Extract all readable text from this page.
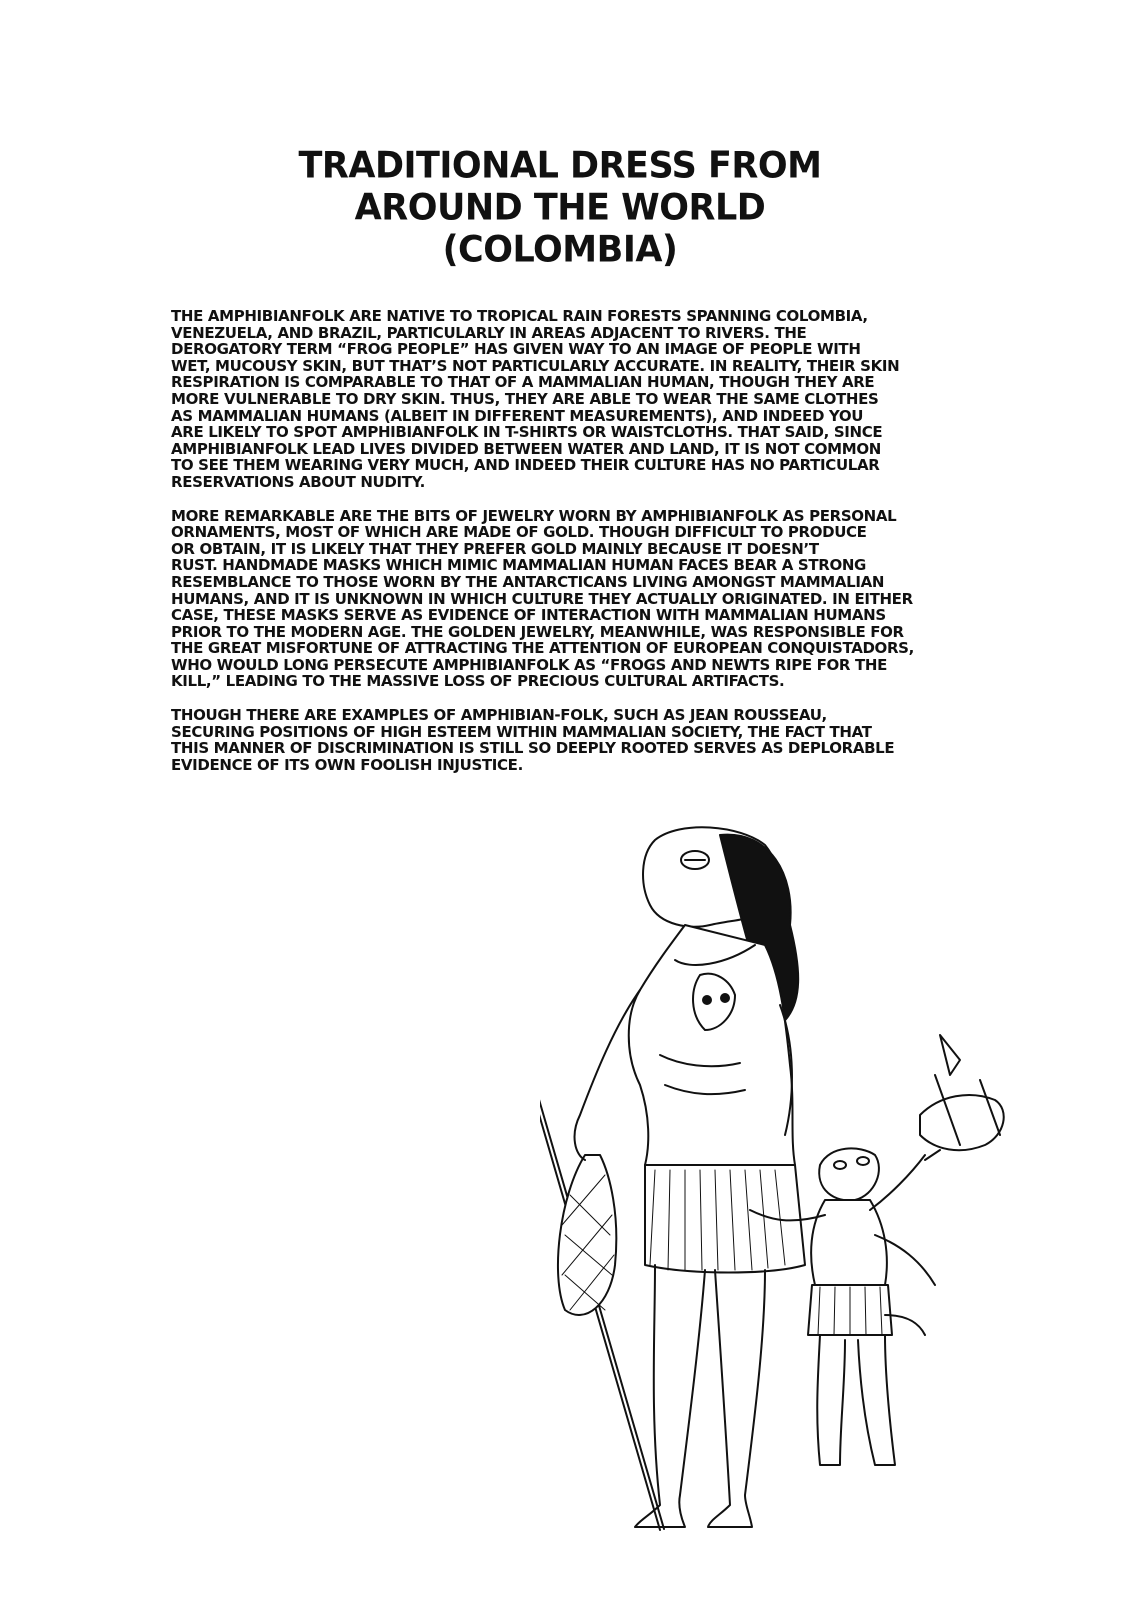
TRADITIONAL DRESS FROM
AROUND THE WORLD
(COLOMBIA)

THE AMPHIBIANFOLK ARE NATIVE TO TROPICAL RAIN FORESTS SPANNING COLOMBIA,
VENEZUELA, AND BRAZIL, PARTICULARLY IN AREAS ADJACENT TO RIVERS. THE
DEROGATORY TERM “FROG PEOPLE” HAS GIVEN WAY TO AN IMAGE OF PEOPLE WITH
WET, MUCOUSY SKIN, BUT THAT’S NOT PARTICULARLY ACCURATE. IN REALITY, THEIR SKIN
RESPIRATION IS COMPARABLE TO THAT OF A MAMMALIAN HUMAN, THOUGH THEY ARE
MORE VULNERABLE TO DRY SKIN. THUS, THEY ARE ABLE TO WEAR THE SAME CLOTHES
AS MAMMALIAN HUMANS (ALBEIT IN DIFFERENT MEASUREMENTS), AND INDEED YOU
ARE LIKELY TO SPOT AMPHIBIANFOLK IN T-SHIRTS OR WAISTCLOTHS. THAT SAID, SINCE
AMPHIBIANFOLK LEAD LIVES DIVIDED BETWEEN WATER AND LAND, IT IS NOT COMMON
TO SEE THEM WEARING VERY MUCH, AND INDEED THEIR CULTURE HAS NO PARTICULAR
RESERVATIONS ABOUT NUDITY.

MORE REMARKABLE ARE THE BITS OF JEWELRY WORN BY AMPHIBIANFOLK AS PERSONAL
ORNAMENTS, MOST OF WHICH ARE MADE OF GOLD. THOUGH DIFFICULT TO PRODUCE
OR OBTAIN, IT IS LIKELY THAT THEY PREFER GOLD MAINLY BECAUSE IT DOESN’T
RUST. HANDMADE MASKS WHICH MIMIC MAMMALIAN HUMAN FACES BEAR A STRONG
RESEMBLANCE TO THOSE WORN BY THE ANTARCTICANS LIVING AMONGST MAMMALIAN
HUMANS, AND IT IS UNKNOWN IN WHICH CULTURE THEY ACTUALLY ORIGINATED. IN EITHER
CASE, THESE MASKS SERVE AS EVIDENCE OF INTERACTION WITH MAMMALIAN HUMANS
PRIOR TO THE MODERN AGE. THE GOLDEN JEWELRY, MEANWHILE, WAS RESPONSIBLE FOR
THE GREAT MISFORTUNE OF ATTRACTING THE ATTENTION OF EUROPEAN CONQUISTADORS,
WHO WOULD LONG PERSECUTE AMPHIBIANFOLK AS “FROGS AND NEWTS RIPE FOR THE
KILL,” LEADING TO THE MASSIVE LOSS OF PRECIOUS CULTURAL ARTIFACTS.

THOUGH THERE ARE EXAMPLES OF AMPHIBIAN-FOLK, SUCH AS JEAN ROUSSEAU,
SECURING POSITIONS OF HIGH ESTEEM WITHIN MAMMALIAN SOCIETY, THE FACT THAT
THIS MANNER OF DISCRIMINATION IS STILL SO DEEPLY ROOTED SERVES AS DEPLORABLE
EVIDENCE OF ITS OWN FOOLISH INJUSTICE.
